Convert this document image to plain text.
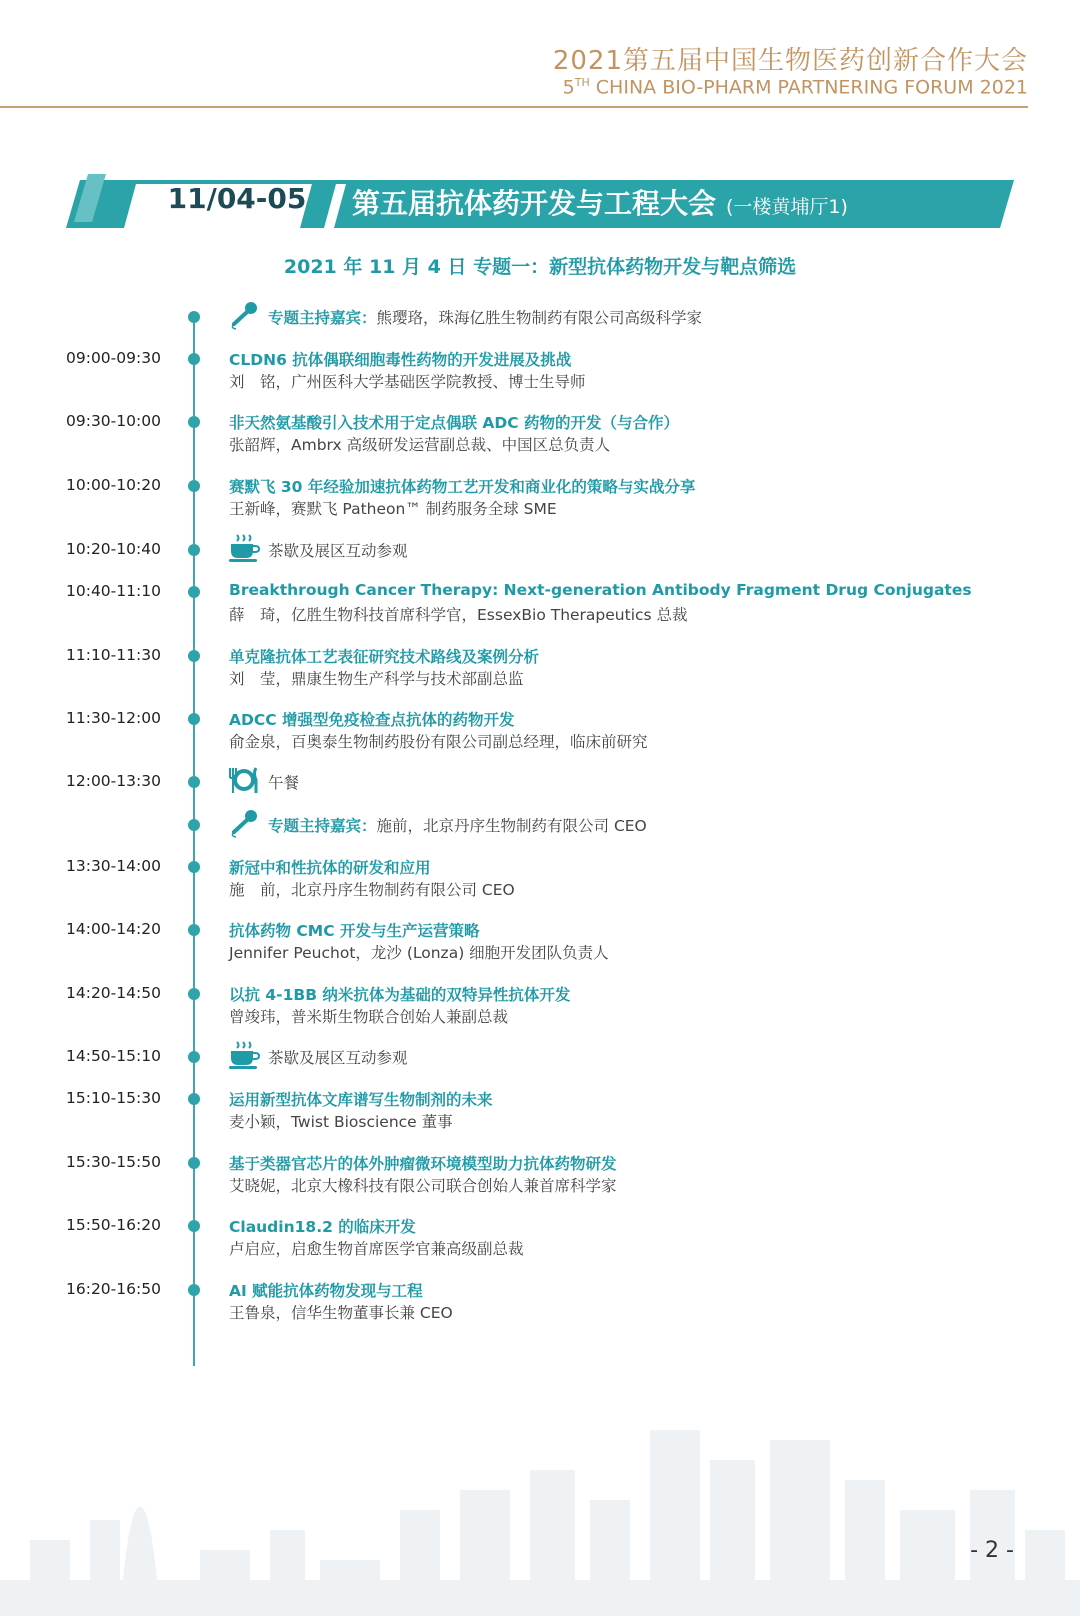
2021第五届中国生物医药创新合作大会
5TH CHINA BIO-PHARM PARTNERING FORUM 2021
11/04-05	第五届抗体药开发与工程大会 (一楼黄埔厅1)
2021 年 11 月 4 日 专题一：新型抗体药物开发与靶点筛选
专题主持嘉宾：熊璎珞，珠海亿胜生物制药有限公司高级科学家
09:00-09:30	CLDN6 抗体偶联细胞毒性药物的开发进展及挑战
刘　铭，广州医科大学基础医学院教授、博士生导师
09:30-10:00	非天然氨基酸引入技术用于定点偶联 ADC 药物的开发（与合作）
张韶辉，Ambrx 高级研发运营副总裁、中国区总负责人
10:00-10:20	赛默飞 30 年经验加速抗体药物工艺开发和商业化的策略与实战分享
王新峰，赛默飞 Patheon™ 制药服务全球 SME
10:20-10:40	茶歇及展区互动参观
10:40-11:10	Breakthrough Cancer Therapy: Next-generation Antibody Fragment Drug Conjugates
薛　琦，亿胜生物科技首席科学官，EssexBio Therapeutics 总裁
11:10-11:30	单克隆抗体工艺表征研究技术路线及案例分析
刘　莹，鼎康生物生产科学与技术部副总监
11:30-12:00	ADCC 增强型免疫检查点抗体的药物开发
俞金泉，百奥泰生物制药股份有限公司副总经理，临床前研究
12:00-13:30	午餐
专题主持嘉宾：施前，北京丹序生物制药有限公司 CEO
13:30-14:00	新冠中和性抗体的研发和应用
施　前，北京丹序生物制药有限公司 CEO
14:00-14:20	抗体药物 CMC 开发与生产运营策略
Jennifer Peuchot，龙沙 (Lonza) 细胞开发团队负责人
14:20-14:50	以抗 4-1BB 纳米抗体为基础的双特异性抗体开发
曾竣玮，普米斯生物联合创始人兼副总裁
14:50-15:10	茶歇及展区互动参观
15:10-15:30	运用新型抗体文库谱写生物制剂的未来
麦小颖，Twist Bioscience 董事
15:30-15:50	基于类器官芯片的体外肿瘤微环境模型助力抗体药物研发
艾晓妮，北京大橡科技有限公司联合创始人兼首席科学家
15:50-16:20	Claudin18.2 的临床开发
卢启应，启愈生物首席医学官兼高级副总裁
16:20-16:50	AI 赋能抗体药物发现与工程
王鲁泉，信华生物董事长兼 CEO
- 2 -
